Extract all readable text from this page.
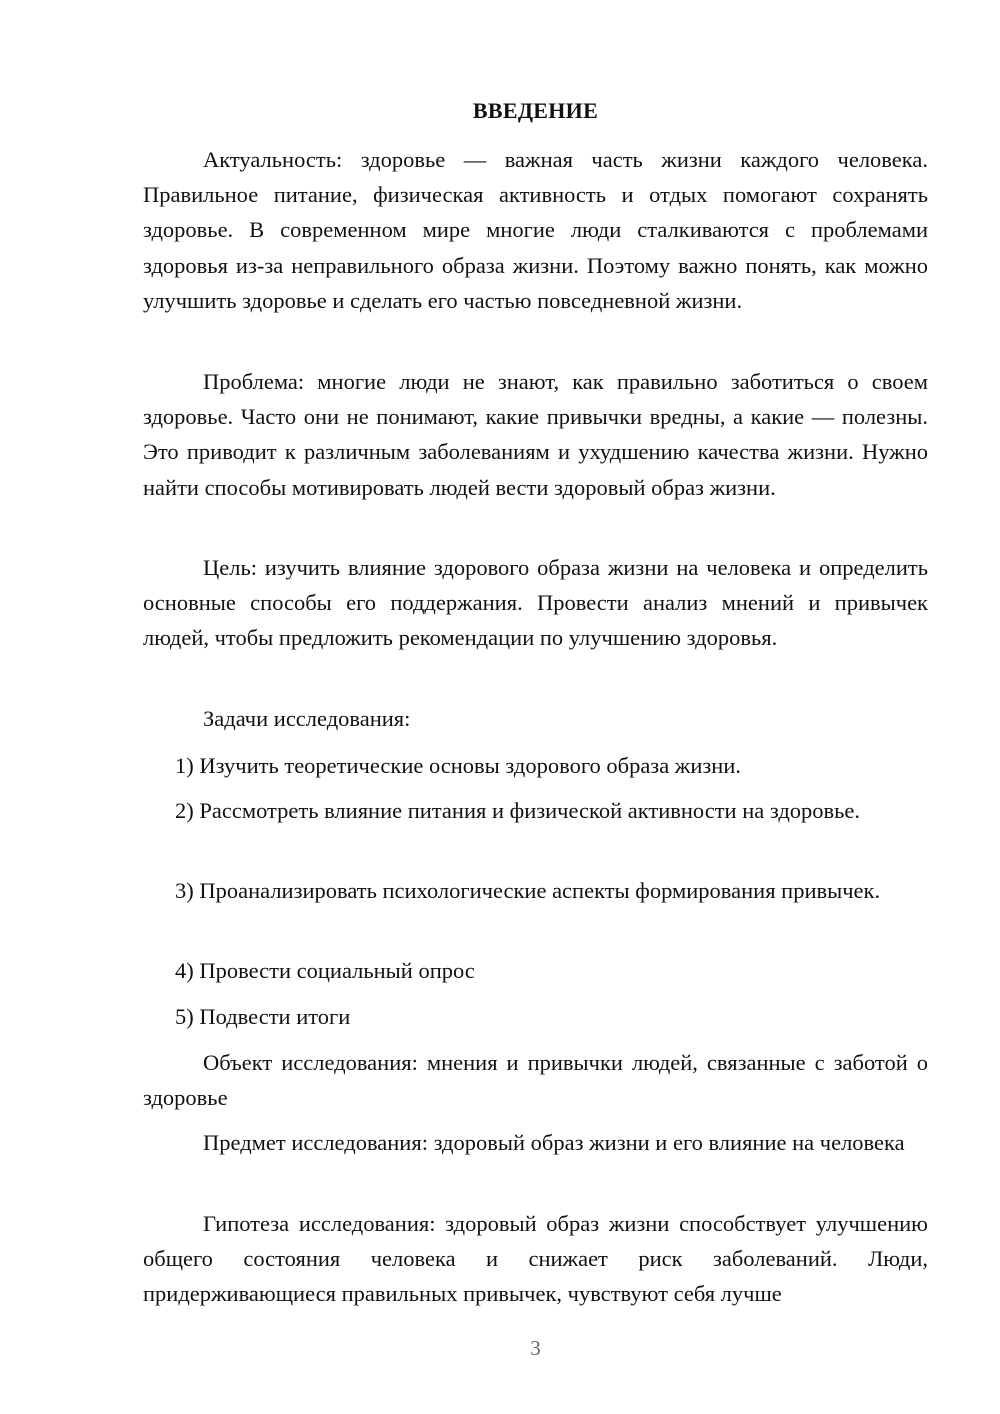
ВВЕДЕНИЕ

Актуальность: здоровье — важная часть жизни каждого человека. Правильное питание, физическая активность и отдых помогают сохранять здоровье. В современном мире многие люди сталкиваются с проблемами здоровья из-за неправильного образа жизни. Поэтому важно понять, как можно улучшить здоровье и сделать его частью повседневной жизни.

Проблема: многие люди не знают, как правильно заботиться о своем здоровье. Часто они не понимают, какие привычки вредны, а какие — полезны. Это приводит к различным заболеваниям и ухудшению качества жизни. Нужно найти способы мотивировать людей вести здоровый образ жизни.

Цель: изучить влияние здорового образа жизни на человека и определить основные способы его поддержания. Провести анализ мнений и привычек людей, чтобы предложить рекомендации по улучшению здоровья.

Задачи исследования:

1) Изучить теоретические основы здорового образа жизни.

2) Рассмотреть влияние питания и физической активности на здоровье.

3) Проанализировать психологические аспекты формирования привычек.

4) Провести социальный опрос

5) Подвести итоги

Объект исследования: мнения и привычки людей, связанные с заботой о здоровье

Предмет исследования: здоровый образ жизни и его влияние на человека

Гипотеза исследования: здоровый образ жизни способствует улучшению общего состояния человека и снижает риск заболеваний. Люди, придерживающиеся правильных привычек, чувствуют себя лучше

3
